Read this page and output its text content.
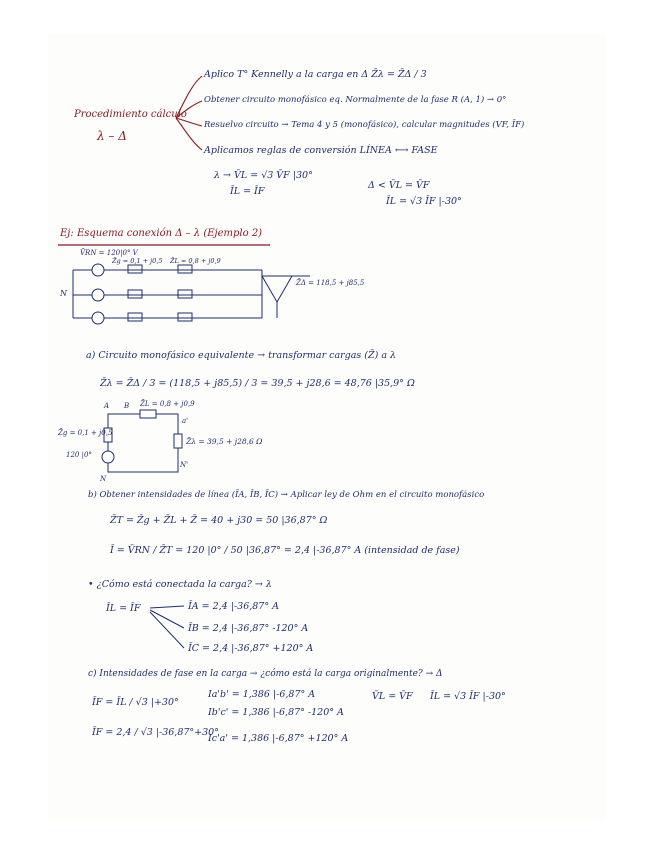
Procedimiento cálculo
λ – Δ
Aplico T° Kennelly a la carga en Δ Z̄λ = Z̄Δ / 3
Obtener circuito monofásico eq. Normalmente de la fase R (A, 1) → 0°
Resuelvo circuito → Tema 4 y 5 (monofásico), calcular magnitudes (VF, ĪF)
Aplicamos reglas de conversión LÍNEA ⟷ FASE
λ → V̄L = √3 V̄F |30°
ĪL = ĪF
Δ < V̄L = V̄F
ĪL = √3 ĪF |-30°
Ej: Esquema conexión Δ – λ (Ejemplo 2)
V̄RN = 120|0° V
Z̄g = 0,1 + j0,5 Z̄L = 0,8 + j0,9
Z̄Δ = 118,5 + j85,5
N
a) Circuito monofásico equivalente → transformar cargas (Z̄) a λ
Z̄λ = Z̄Δ / 3 = (118,5 + j85,5) / 3 = 39,5 + j28,6 = 48,76 |35,9° Ω
A B Z̄L = 0,8 + j0,9
a'
Z̄g = 0,1 + j0,5
120 |0°
Z̄λ = 39,5 + j28,6 Ω
N
N'
b) Obtener intensidades de línea (ĪA, ĪB, ĪC) → Aplicar ley de Ohm en el circuito monofásico
Z̄T = Z̄g + Z̄L + Z̄ = 40 + j30 = 50 |36,87° Ω
Ī = V̄RN / Z̄T = 120 |0° / 50 |36,87° = 2,4 |-36,87° A (intensidad de fase)
• ¿Cómo está conectada la carga? → λ
ĪL = ĪF	ĪA = 2,4 |-36,87° A
ĪB = 2,4 |-36,87° -120° A
ĪC = 2,4 |-36,87° +120° A
c) Intensidades de fase en la carga → ¿cómo está la carga originalmente? → Δ
ĪF = ĪL / √3 |+30°
ĪF = 2,4 / √3 |-36,87°+30°
Ia'b' = 1,386 |-6,87° A
Ib'c' = 1,386 |-6,87° -120° A
Ic'a' = 1,386 |-6,87° +120° A
V̄L = V̄F ĪL = √3 ĪF |-30°
